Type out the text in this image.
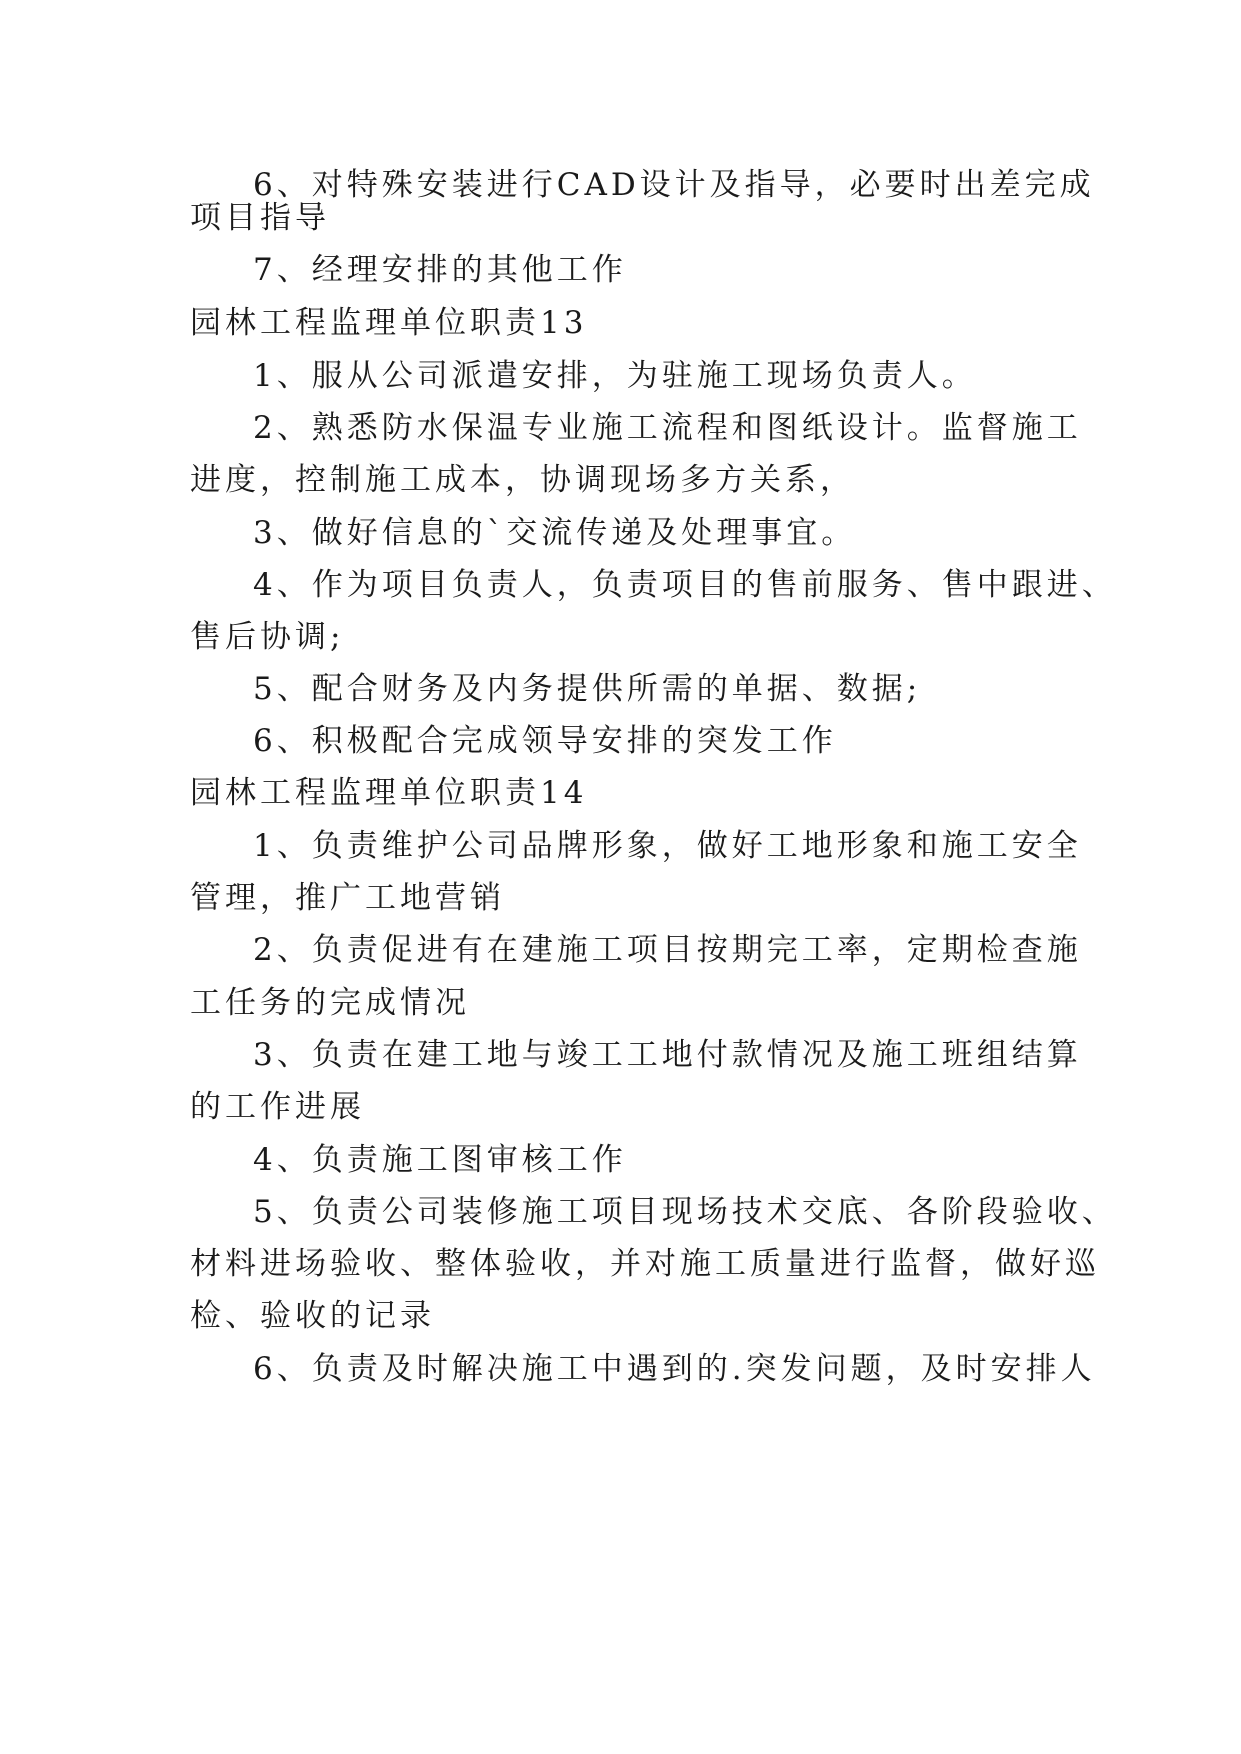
6、对特殊安装进行CAD设计及指导，必要时出差完成
项目指导
7、经理安排的其他工作
园林工程监理单位职责13
1、服从公司派遣安排，为驻施工现场负责人。
2、熟悉防水保温专业施工流程和图纸设计。监督施工
进度，控制施工成本，协调现场多方关系，
3、做好信息的`交流传递及处理事宜。
4、作为项目负责人，负责项目的售前服务、售中跟进、
售后协调;
5、配合财务及内务提供所需的单据、数据;
6、积极配合完成领导安排的突发工作
园林工程监理单位职责14
1、负责维护公司品牌形象，做好工地形象和施工安全
管理，推广工地营销
2、负责促进有在建施工项目按期完工率，定期检查施
工任务的完成情况
3、负责在建工地与竣工工地付款情况及施工班组结算
的工作进展
4、负责施工图审核工作
5、负责公司装修施工项目现场技术交底、各阶段验收、
材料进场验收、整体验收，并对施工质量进行监督，做好巡
检、验收的记录
6、负责及时解决施工中遇到的.突发问题，及时安排人
